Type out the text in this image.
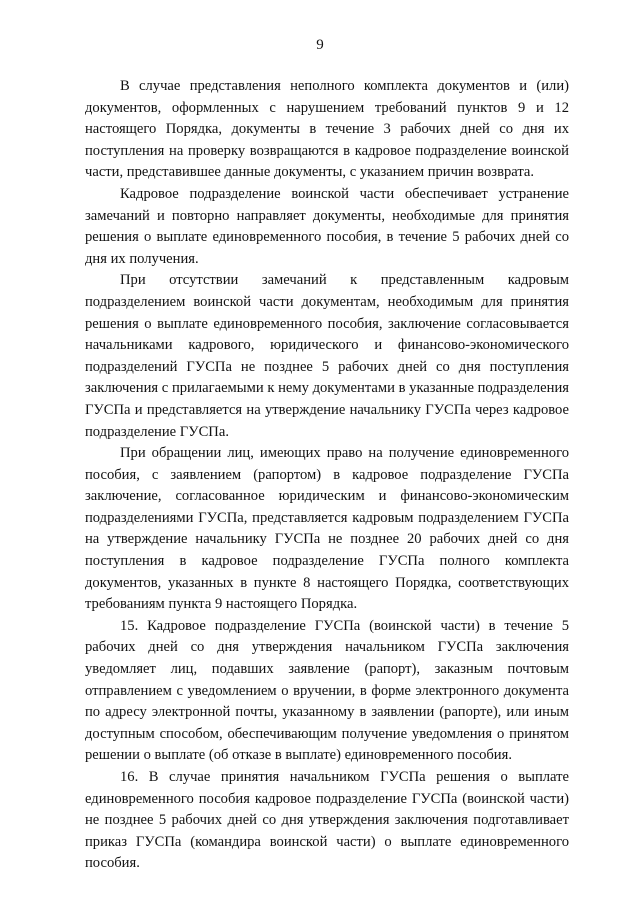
9

В случае представления неполного комплекта документов и (или) документов, оформленных с нарушением требований пунктов 9 и 12 настоящего Порядка, документы в течение 3 рабочих дней со дня их поступления на проверку возвращаются в кадровое подразделение воинской части, представившее данные документы, с указанием причин возврата.

Кадровое подразделение воинской части обеспечивает устранение замечаний и повторно направляет документы, необходимые для принятия решения о выплате единовременного пособия, в течение 5 рабочих дней со дня их получения.

При отсутствии замечаний к представленным кадровым подразделением воинской части документам, необходимым для принятия решения о выплате единовременного пособия, заключение согласовывается начальниками кадрового, юридического и финансово-экономического подразделений ГУСПа не позднее 5 рабочих дней со дня поступления заключения с прилагаемыми к нему документами в указанные подразделения ГУСПа и представляется на утверждение начальнику ГУСПа через кадровое подразделение ГУСПа.

При обращении лиц, имеющих право на получение единовременного пособия, с заявлением (рапортом) в кадровое подразделение ГУСПа заключение, согласованное юридическим и финансово-экономическим подразделениями ГУСПа, представляется кадровым подразделением ГУСПа на утверждение начальнику ГУСПа не позднее 20 рабочих дней со дня поступления в кадровое подразделение ГУСПа полного комплекта документов, указанных в пункте 8 настоящего Порядка, соответствующих требованиям пункта 9 настоящего Порядка.

15. Кадровое подразделение ГУСПа (воинской части) в течение 5 рабочих дней со дня утверждения начальником ГУСПа заключения уведомляет лиц, подавших заявление (рапорт), заказным почтовым отправлением с уведомлением о вручении, в форме электронного документа по адресу электронной почты, указанному в заявлении (рапорте), или иным доступным способом, обеспечивающим получение уведомления о принятом решении о выплате (об отказе в выплате) единовременного пособия.

16. В случае принятия начальником ГУСПа решения о выплате единовременного пособия кадровое подразделение ГУСПа (воинской части) не позднее 5 рабочих дней со дня утверждения заключения подготавливает приказ ГУСПа (командира воинской части) о выплате единовременного пособия.
